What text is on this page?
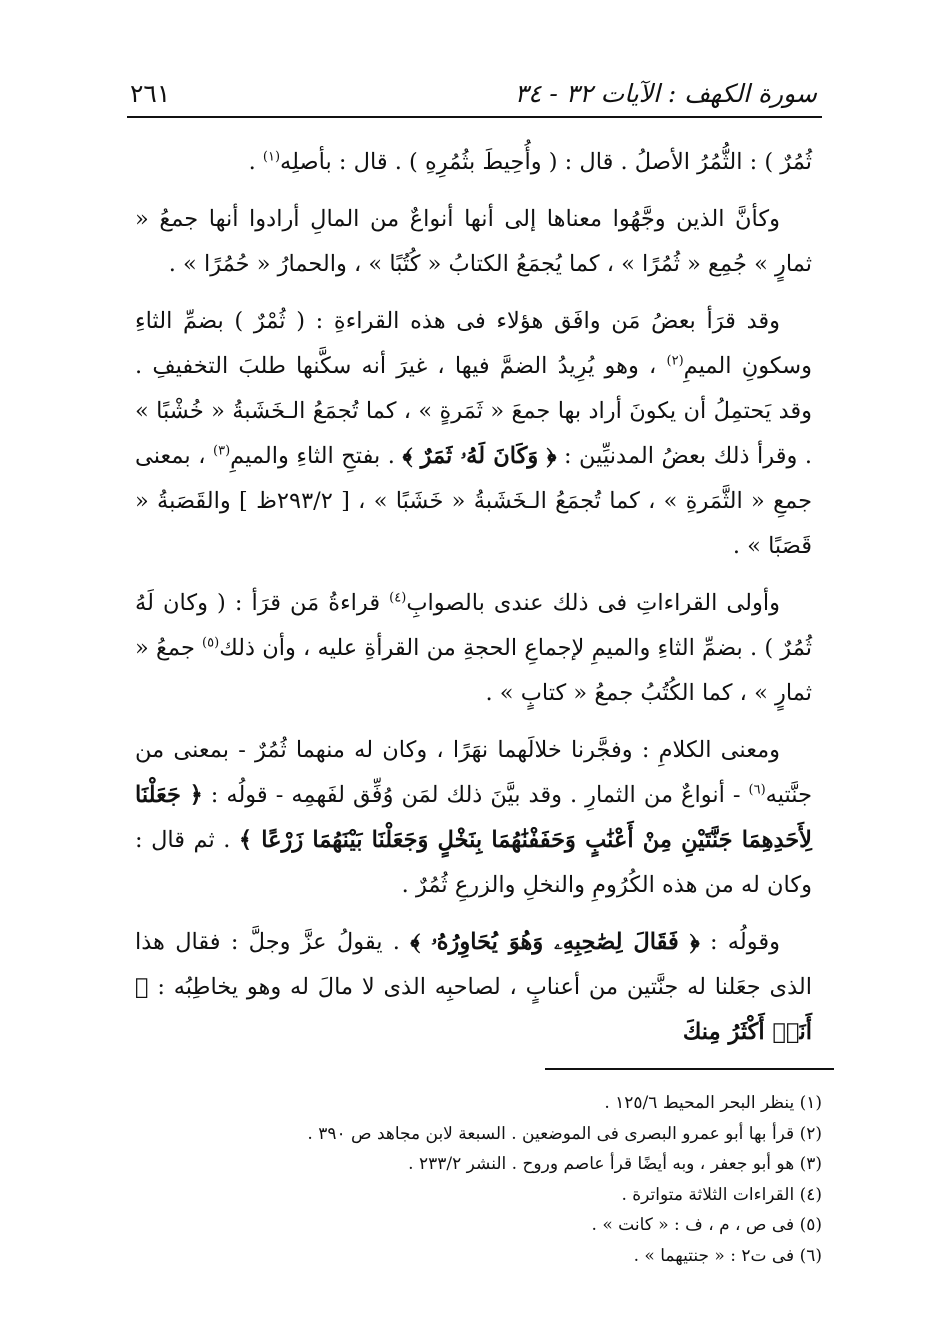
سورة الكهف : الآيات ٣٢ - ٣٤
٢٦١

ثُمُرٌ ) : الثُّمُرُ الأصلُ . قال : ( وأُحِيطَ بثُمُرِهِ ) . قال : بأصلِه$^{(١)}$ .

وكأنَّ الذين وجَّهُوا معناها إلى أنها أنواعٌ من المالِ أرادوا أنها جمعُ « ثمارٍ » جُمِع « ثُمُرًا » ، كما يُجمَعُ الكتابُ « كُتُبًا » ، والحمارُ « حُمُرًا » .

وقد قرَأ بعضُ مَن وافَق هؤلاء فى هذه القراءةِ : ( ثُمْرٌ ) بضمِّ الثاءِ وسكونِ الميمِ$^{(٢)}$ ، وهو يُرِيدُ الضمَّ فيها ، غيرَ أنه سكَّنها طلبَ التخفيفِ . وقد يَحتمِلُ أن يكونَ أراد بها جمعَ « ثَمَرةٍ » ، كما تُجمَعُ الـخَشَبةُ « خُشْبًا » . وقرأ ذلك بعضُ المدنيِّين : ﴿ وَكَانَ لَهُۥ ثَمَرٌ ﴾ . بفتحِ الثاءِ والميمِ$^{(٣)}$ ، بمعنى جمعِ « الثَّمَرةِ » ، كما تُجمَعُ الـخَشَبةُ « خَشَبًا » ، [ ٢٩٣/٢ظ ] والقَصَبةُ « قَصَبًا » .

وأولى القراءاتِ فى ذلك عندى بالصوابِ$^{(٤)}$ قراءةُ مَن قرَأ : ( وكان لَهُ ثُمُرٌ ) . بضمِّ الثاءِ والميمِ لإجماعِ الحجةِ من القرأةِ عليه ، وأن ذلك$^{(٥)}$ جمعُ « ثمارٍ » ، كما الكُتُبُ جمعُ « كتابٍ » .

ومعنى الكلامِ : وفجَّرنا خلالَهما نهَرًا ، وكان له منهما ثُمُرٌ - بمعنى من جنَّتيه$^{(٦)}$ - أنواعٌ من الثمارِ . وقد بيَّنَ ذلك لمَن وُفِّق لفَهمِه - قولُه : ﴿ جَعَلْنَا لِأَحَدِهِمَا جَنَّتَيْنِ مِنْ أَعْنَٰبٍ وَحَفَفْنَٰهُمَا بِنَخْلٍ وَجَعَلْنَا بَيْنَهُمَا زَرْعًا ﴾ . ثم قال : وكان له من هذه الكُرُومِ والنخلِ والزرعِ ثُمُرٌ .

وقولُه : ﴿ فَقَالَ لِصَٰحِبِهِۦ وَهُوَ يُحَاوِرُهُۥ ﴾ . يقولُ عزَّ وجلَّ : فقال هذا الذى جعَلنا له جنَّتين من أعنابٍ ، لصاحبِه الذى لا مالَ له وهو يخاطِبُه : ﴿ أَنَا۠ أَكْثَرُ مِنكَ

(١) ينظر البحر المحيط ١٢٥/٦ .

(٢) قرأ بها أبو عمرو البصرى فى الموضعين . السبعة لابن مجاهد ص ٣٩٠ .

(٣) هو أبو جعفر ، وبه أيضًا قرأ عاصم وروح . النشر ٢٣٣/٢ .

(٤) القراءات الثلاثة متواترة .

(٥) فى ص ، م ، ف : « كانت » .

(٦) فى ت٢ : « جنتيهما » .
